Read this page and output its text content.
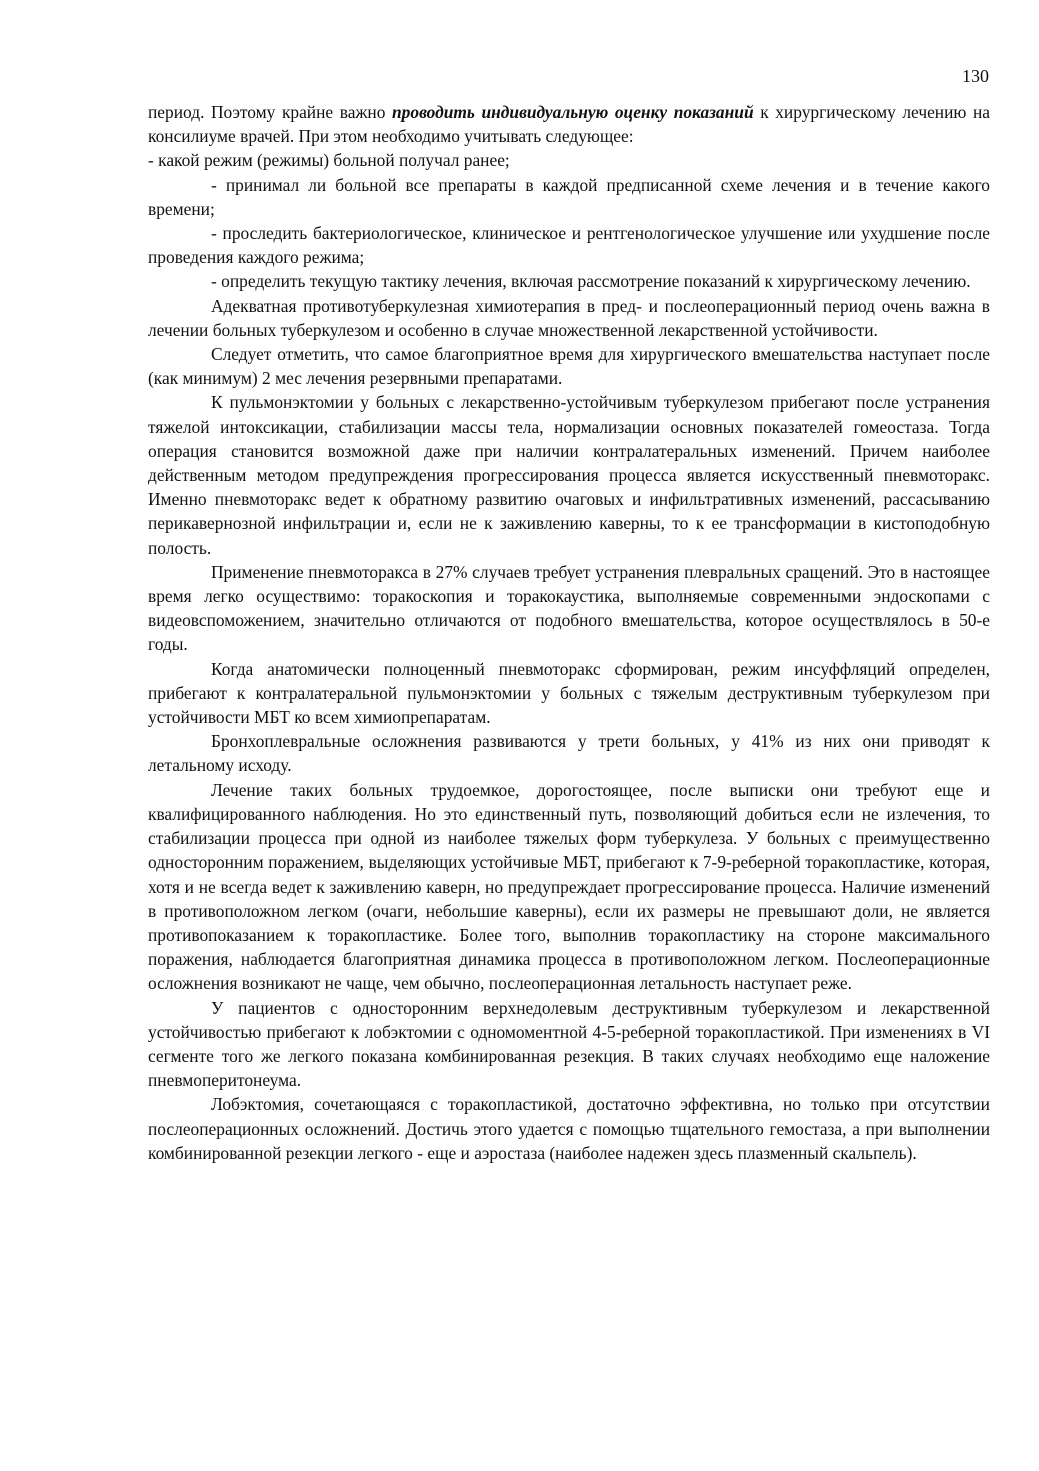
130

период. Поэтому крайне важно проводить индивидуальную оценку показаний к хирургическому лечению на консилиуме врачей. При этом необходимо учитывать следующее:

- какой режим (режимы) больной получал ранее;

- принимал ли больной все препараты в каждой предписанной схеме лечения и в течение какого времени;

- проследить бактериологическое, клиническое и рентгенологическое улучшение или ухудшение после проведения каждого режима;

- определить текущую тактику лечения, включая рассмотрение показаний к хирургическому лечению.

Адекватная противотуберкулезная химиотерапия в пред- и послеоперационный период очень важна в лечении больных туберкулезом и особенно в случае множественной лекарственной устойчивости.

Следует отметить, что самое благоприятное время для хирургического вмешательства наступает после (как минимум) 2 мес лечения резервными препаратами.

К пульмонэктомии у больных с лекарственно-устойчивым туберкулезом прибегают после устранения тяжелой интоксикации, стабилизации массы тела, нормализации основных показателей гомеостаза. Тогда операция становится возможной даже при наличии контралатеральных изменений. Причем наиболее действенным методом предупреждения прогрессирования процесса является искусственный пневмоторакс. Именно пневмоторакс ведет к обратному развитию очаговых и инфильтративных изменений, рассасыванию перикавернозной инфильтрации и, если не к заживлению каверны, то к ее трансформации в кистоподобную полость.

Применение пневмоторакса в 27% случаев требует устранения плевральных сращений. Это в настоящее время легко осуществимо: торакоскопия и торакокаустика, выполняемые современными эндоскопами с видеовспоможением, значительно отличаются от подобного вмешательства, которое осуществлялось в 50-е годы.

Когда анатомически полноценный пневмоторакс сформирован, режим инсуффляций определен, прибегают к контралатеральной пульмонэктомии у больных с тяжелым деструктивным туберкулезом при устойчивости МБТ ко всем химиопрепаратам.

Бронхоплевральные осложнения развиваются у трети больных, у 41% из них они приводят к летальному исходу.

Лечение таких больных трудоемкое, дорогостоящее, после выписки они требуют еще и квалифицированного наблюдения. Но это единственный путь, позволяющий добиться если не излечения, то стабилизации процесса при одной из наиболее тяжелых форм туберкулеза. У больных с преимущественно односторонним поражением, выделяющих устойчивые МБТ, прибегают к 7-9-реберной торакопластике, которая, хотя и не всегда ведет к заживлению каверн, но предупреждает прогрессирование процесса. Наличие изменений в противоположном легком (очаги, небольшие каверны), если их размеры не превышают доли, не является противопоказанием к торакопластике. Более того, выполнив торакопластику на стороне максимального поражения, наблюдается благоприятная динамика процесса в противоположном легком. Послеоперационные осложнения возникают не чаще, чем обычно, послеоперационная летальность наступает реже.

У пациентов с односторонним верхнедолевым деструктивным туберкулезом и лекарственной устойчивостью прибегают к лобэктомии с одномоментной 4-5-реберной торакопластикой. При изменениях в VI сегменте того же легкого показана комбинированная резекция. В таких случаях необходимо еще наложение пневмоперитонеума.

Лобэктомия, сочетающаяся с торакопластикой, достаточно эффективна, но только при отсутствии послеоперационных осложнений. Достичь этого удается с помощью тщательного гемостаза, а при выполнении комбинированной резекции легкого - еще и аэростаза (наиболее надежен здесь плазменный скальпель).
